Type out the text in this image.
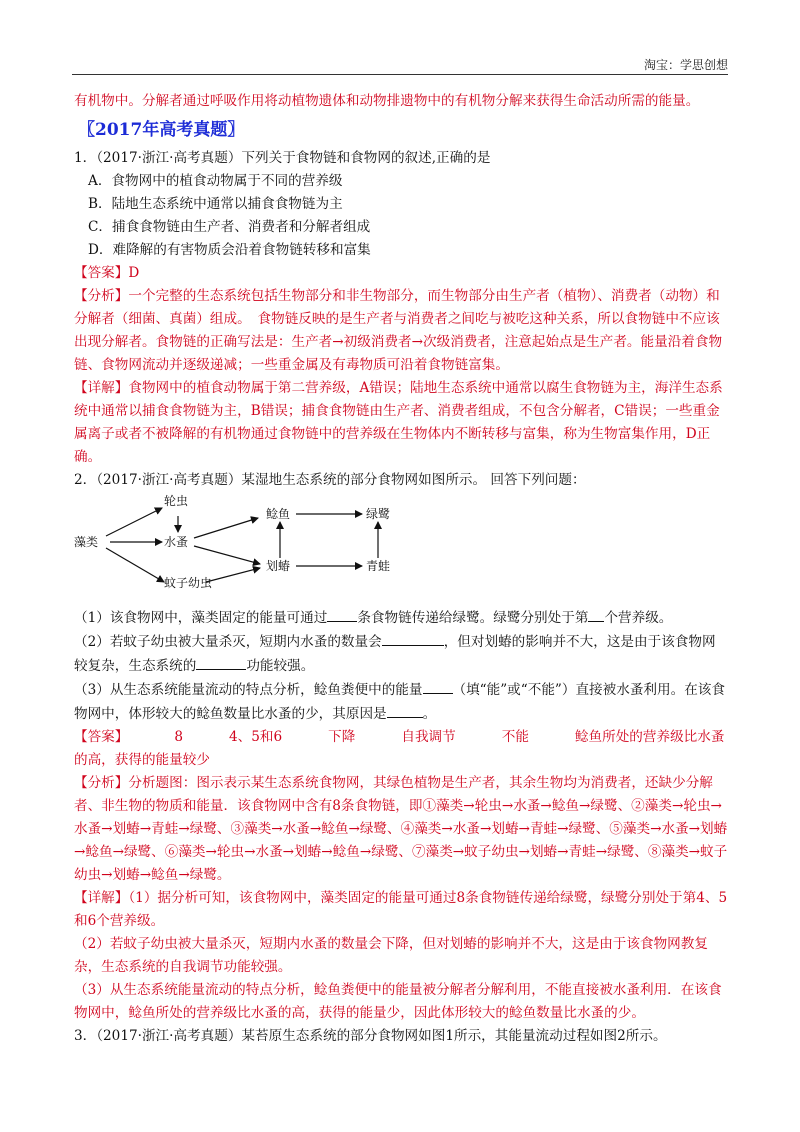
淘宝：学思创想

有机物中。分解者通过呼吸作用将动植物遗体和动物排遗物中的有机物分解来获得生命活动所需的能量。

〖2017年高考真题〗

1．（2017·浙江·高考真题）下列关于食物链和食物网的叙述,正确的是

A．食物网中的植食动物属于不同的营养级

B．陆地生态系统中通常以捕食食物链为主

C．捕食食物链由生产者、消费者和分解者组成

D．难降解的有害物质会沿着食物链转移和富集

【答案】D

【分析】一个完整的生态系统包括生物部分和非生物部分，而生物部分由生产者（植物）、消费者（动物）和分解者（细菌、真菌）组成。　食物链反映的是生产者与消费者之间吃与被吃这种关系，所以食物链中不应该出现分解者。食物链的正确写法是：生产者→初级消费者→次级消费者，注意起始点是生产者。能量沿着食物链、食物网流动并逐级递减；一些重金属及有毒物质可沿着食物链富集。

【详解】食物网中的植食动物属于第二营养级，A错误；陆地生态系统中通常以腐生食物链为主，海洋生态系统中通常以捕食食物链为主，B错误；捕食食物链由生产者、消费者组成，不包含分解者，C错误；一些重金属离子或者不被降解的有机物通过食物链中的营养级在生物体内不断转移与富集，称为生物富集作用，D正确。

2．（2017·浙江·高考真题）某湿地生态系统的部分食物网如图所示。 回答下列问题：

藻类
轮虫
水蚤
蚊子幼虫
鲶鱼
划蝽
绿鹭
青蛙

（1）该食物网中，藻类固定的能量可通过 条食物链传递给绿鹭。绿鹭分别处于第 个营养级。

（2）若蚊子幼虫被大量杀灭，短期内水蚤的数量会	，但对划蝽的影响并不大，这是由于该食物网较复杂，生态系统的	功能较强。

（3）从生态系统能量流动的特点分析，鲶鱼粪便中的能量 （填“能”或“不能”）直接被水蚤利用。在该食物网中，体形较大的鲶鱼数量比水蚤的少，其原因是	。

【答案】	8	4、5和6	下降	自我调节	不能	鲶鱼所处的营养级比水蚤的高，获得的能量较少

【分析】分析题图：图示表示某生态系统食物网，其绿色植物是生产者，其余生物均为消费者，还缺少分解者、非生物的物质和能量．该食物网中含有8条食物链，即①藻类→轮虫→水蚤→鲶鱼→绿鹭、②藻类→轮虫→水蚤→划蝽→青蛙→绿鹭、③藻类→水蚤→鲶鱼→绿鹭、④藻类→水蚤→划蝽→青蛙→绿鹭、⑤藻类→水蚤→划蝽→鲶鱼→绿鹭、⑥藻类→轮虫→水蚤→划蝽→鲶鱼→绿鹭、⑦藻类→蚊子幼虫→划蝽→青蛙→绿鹭、⑧藻类→蚊子幼虫→划蝽→鲶鱼→绿鹭。

【详解】（1）据分析可知，该食物网中，藻类固定的能量可通过8条食物链传递给绿鹭，绿鹭分别处于第4、5和6个营养级。

（2）若蚊子幼虫被大量杀灭，短期内水蚤的数量会下降，但对划蝽的影响并不大，这是由于该食物网教复杂，生态系统的自我调节功能较强。

（3）从生态系统能量流动的特点分析，鲶鱼粪便中的能量被分解者分解利用，不能直接被水蚤利用．在该食物网中，鲶鱼所处的营养级比水蚤的高，获得的能量少，因此体形较大的鲶鱼数量比水蚤的少。

3．（2017·浙江·高考真题）某苔原生态系统的部分食物网如图1所示，其能量流动过程如图2所示。
